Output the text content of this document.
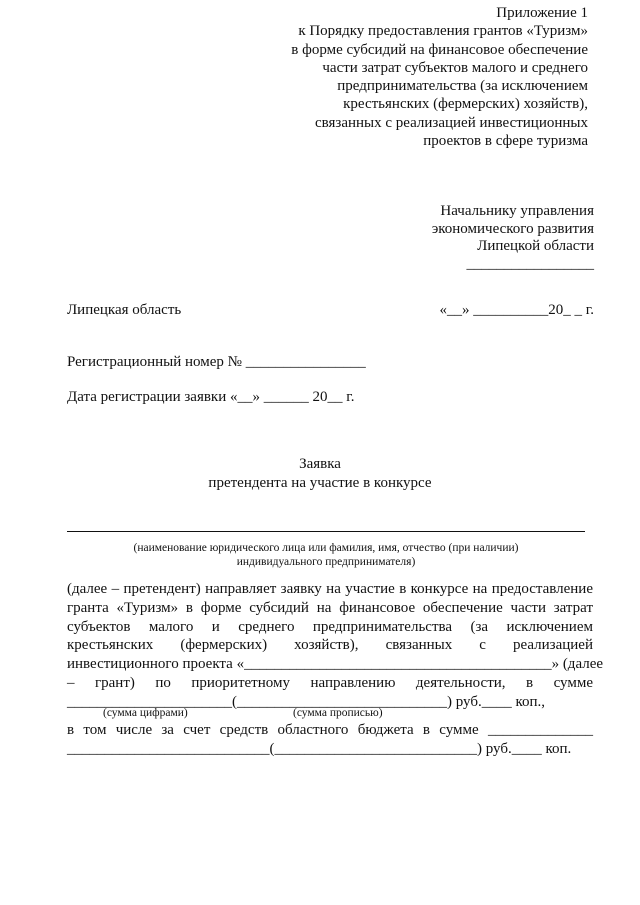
Приложение 1
к Порядку предоставления грантов «Туризм»
в форме субсидий на финансовое обеспечение
части затрат субъектов малого и среднего
предпринимательства (за исключением
крестьянских (фермерских) хозяйств),
связанных с реализацией инвестиционных
проектов в сфере туризма
Начальнику управления
экономического развития
Липецкой области
_________________
Липецкая область	«__» __________20_ _ г.
Регистрационный номер № ________________
Дата регистрации заявки «__» ______ 20__ г.
Заявка
претендента на участие в конкурсе
(наименование юридического лица или фамилия, имя, отчество (при наличии)
индивидуального предпринимателя)
(далее – претендент) направляет заявку на участие в конкурсе на предоставление
гранта «Туризм» в форме субсидий на финансовое обеспечение части затрат
субъектов малого и среднего предпринимательства (за исключением
крестьянских (фермерских) хозяйств), связанных с реализацией
инвестиционного проекта «_________________________________________» (далее
– грант) по приоритетному направлению деятельности, в сумме
______________________(____________________________) руб.____ коп.,
(сумма цифрами)	(сумма прописью)
в том числе за счет средств областного бюджета в сумме ______________
___________________________(___________________________) руб.____ коп.
